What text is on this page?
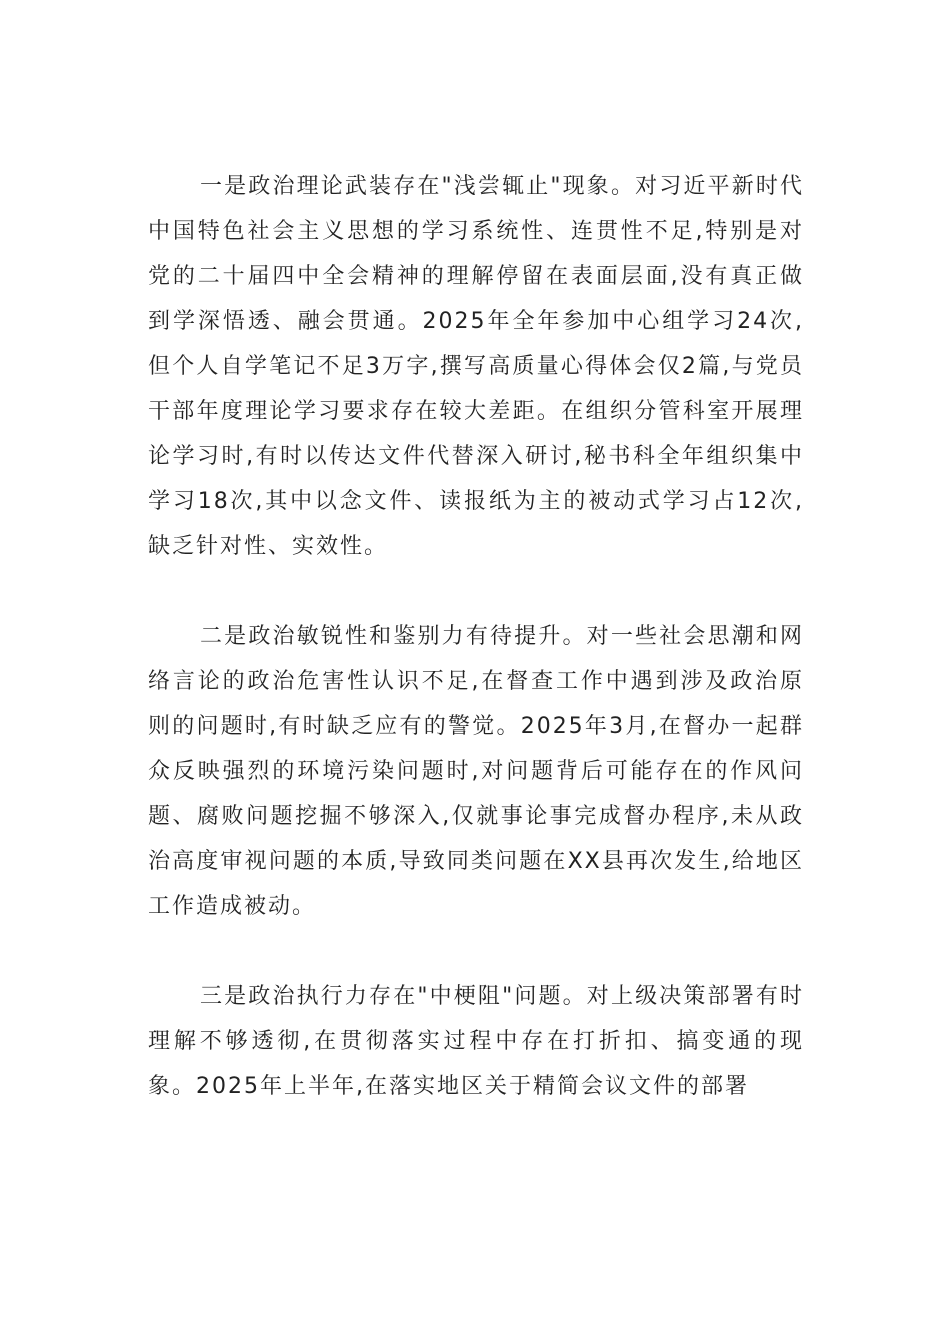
一是政治理论武装存在"浅尝辄止"现象。对习近平新时代中国特色社会主义思想的学习系统性、连贯性不足,特别是对党的二十届四中全会精神的理解停留在表面层面,没有真正做到学深悟透、融会贯通。2025年全年参加中心组学习24次,但个人自学笔记不足3万字,撰写高质量心得体会仅2篇,与党员干部年度理论学习要求存在较大差距。在组织分管科室开展理论学习时,有时以传达文件代替深入研讨,秘书科全年组织集中学习18次,其中以念文件、读报纸为主的被动式学习占12次,缺乏针对性、实效性。

二是政治敏锐性和鉴别力有待提升。对一些社会思潮和网络言论的政治危害性认识不足,在督查工作中遇到涉及政治原则的问题时,有时缺乏应有的警觉。2025年3月,在督办一起群众反映强烈的环境污染问题时,对问题背后可能存在的作风问题、腐败问题挖掘不够深入,仅就事论事完成督办程序,未从政治高度审视问题的本质,导致同类问题在XX县再次发生,给地区工作造成被动。

三是政治执行力存在"中梗阻"问题。对上级决策部署有时理解不够透彻,在贯彻落实过程中存在打折扣、搞变通的现象。2025年上半年,在落实地区关于精简会议文件的部署
